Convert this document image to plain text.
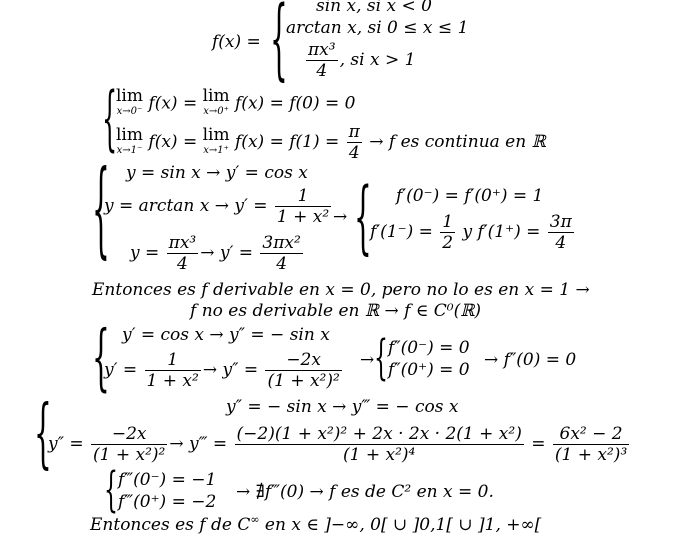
f(x) = { sin x, si x < 0
arctan x, si 0 ≤ x ≤ 1
$\frac{\text{πx³}}{4}$ , si x > 1
{
lim
x→0⁻ f(x) = lim
x→0⁺ f(x) = f(0) = 0
lim
x→1⁻ f(x) = lim
x→1⁺ $f(x) = f(1) = \frac{\pi}{4} \to f$ es continua en ℝ
{ y = sin x → y′ = cos x
$y = \arctan x \to y' = \frac{1}{\text{1 + x²}}$
$y = \frac{\text{πx³}}{4} \to y' = \frac{\text{3πx²}}{4}$
→ { f′(0⁻) = f′(0⁺) = 1
$f'(1^-) = \frac{1}{2}$ y $f'(1^+) = \frac{3\pi}{4}$
Entonces es f derivable en x = 0, pero no lo es en x = 1 →
f no es derivable en ℝ → f ∈ C⁰(ℝ)
{ y′ = cos x → y″ = − sin x
$y' = \frac{1}{\text{1 + x²}} \to y'' = \frac{-2x}{\text{(1 + x²)²}}$ → { f″(0⁻) = 0
f″(0⁺) = 0 → f″(0) = 0
{	y″ = − sin x → y‴ = − cos x
$y'' = \frac{-2x}{\text{(1 + x²)²}}$ → y‴ = $\frac{\text{(−2)(1 + x²)² + 2x · 2x · 2(1 + x²)}}{\text{(1 + x²)⁴}} = \frac{\text{6x² − 2}}{\text{(1 + x²)³}}$
{ f‴(0⁻) = −1
f‴(0⁺) = −2 → ∄f‴(0) → f es de C² en x = 0.
Entonces es f de C∞ en x ∈ ]−∞, 0[ ∪ ]0,1[ ∪ ]1, +∞[
